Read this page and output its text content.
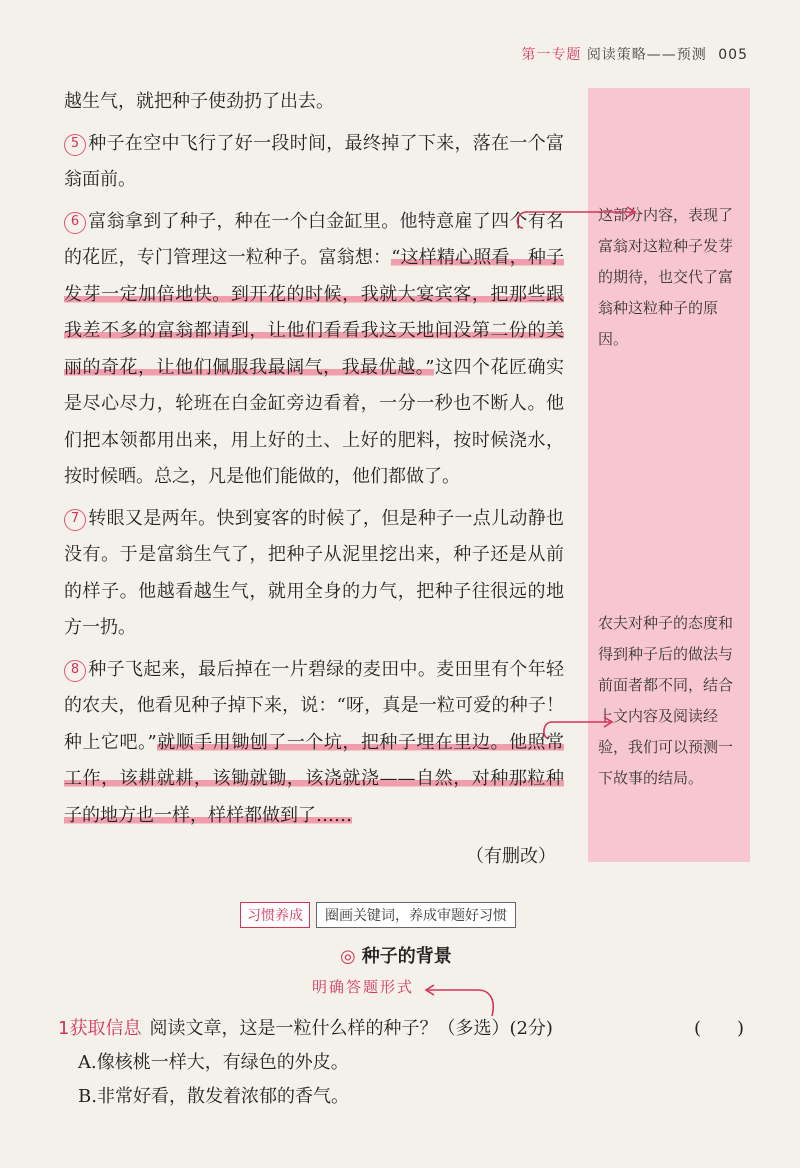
第一专题 阅读策略——预测 005

越生气，就把种子使劲扔了出去。

5 种子在空中飞行了好一段时间，最终掉了下来，落在一个富翁面前。

6 富翁拿到了种子，种在一个白金缸里。他特意雇了四个有名的花匠，专门管理这一粒种子。富翁想：“这样精心照看，种子发芽一定加倍地快。到开花的时候，我就大宴宾客，把那些跟我差不多的富翁都请到，让他们看看我这天地间没第二份的美丽的奇花，让他们佩服我最阔气，我最优越。”这四个花匠确实是尽心尽力，轮班在白金缸旁边看着，一分一秒也不断人。他们把本领都用出来，用上好的土、上好的肥料，按时候浇水，按时候晒。总之，凡是他们能做的，他们都做了。

7 转眼又是两年。快到宴客的时候了，但是种子一点儿动静也没有。于是富翁生气了，把种子从泥里挖出来，种子还是从前的样子。他越看越生气，就用全身的力气，把种子往很远的地方一扔。

8 种子飞起来，最后掉在一片碧绿的麦田中。麦田里有个年轻的农夫，他看见种子掉下来，说：“呀，真是一粒可爱的种子！种上它吧。”就顺手用锄刨了一个坑，把种子埋在里边。他照常工作，该耕就耕，该锄就锄，该浇就浇——自然，对种那粒种子的地方也一样，样样都做到了……

（有删改）

这部分内容，表现了富翁对这粒种子发芽的期待，也交代了富翁种这粒种子的原因。
农夫对种子的态度和得到种子后的做法与前面者都不同，结合上文内容及阅读经验，我们可以预测一下故事的结局。
习惯养成	圈画关键词，养成审题好习惯
◎ 种子的背景
明确答题形式
1获取信息 阅读文章，这是一粒什么样的种子？（多选）(2分)	(　　)
A.像核桃一样大，有绿色的外皮。
B.非常好看，散发着浓郁的香气。
